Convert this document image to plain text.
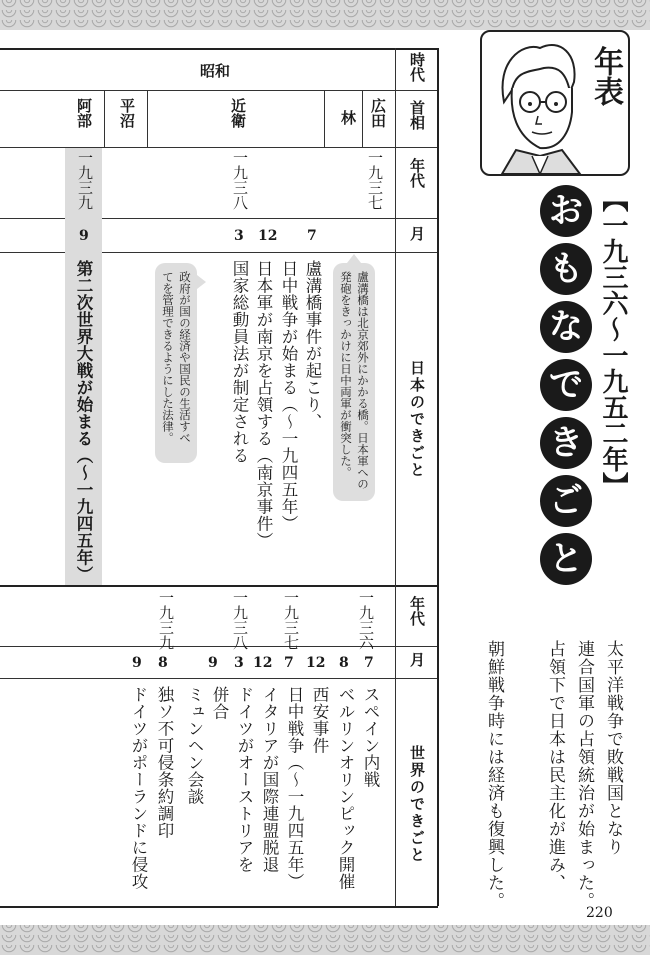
時代
首相
年代
月
日本のできごと
年代
月
世界のできごと
昭和
広田
林
近衛
平沼
阿部
一九三七
一九三八
一九三九
7
12
3
9
盧溝橋事件が起こり、
日中戦争が始まる（〜一九四五年）
日本軍が南京を占領する（南京事件）
国家総動員法が制定される
第二次世界大戦が始まる（〜一九四五年）	盧溝橋は北京郊外にかかる橋。日本軍への
発砲をきっかけに日中両軍が衝突した。
政府が国の経済や国民の生活すべ
てを管理できるようにした法律。
一九三六
一九三七
一九三八
一九三九
7
8
12
7
12
3
9
8
9
スペイン内戦
ベルリンオリンピック開催
西安事件
日中戦争（〜一九四五年）
イタリアが国際連盟脱退
ドイツがオーストリアを
併合
ミュンヘン会談
独ソ不可侵条約調印
ドイツがポーランドに侵攻
年表
お
も
な
で
き
ご
と
【一九三六〜一九五二年】
太平洋戦争で敗戦国となり
連合国軍の占領統治が始まった。
占領下で日本は民主化が進み、
朝鮮戦争時には経済も復興した。
220
